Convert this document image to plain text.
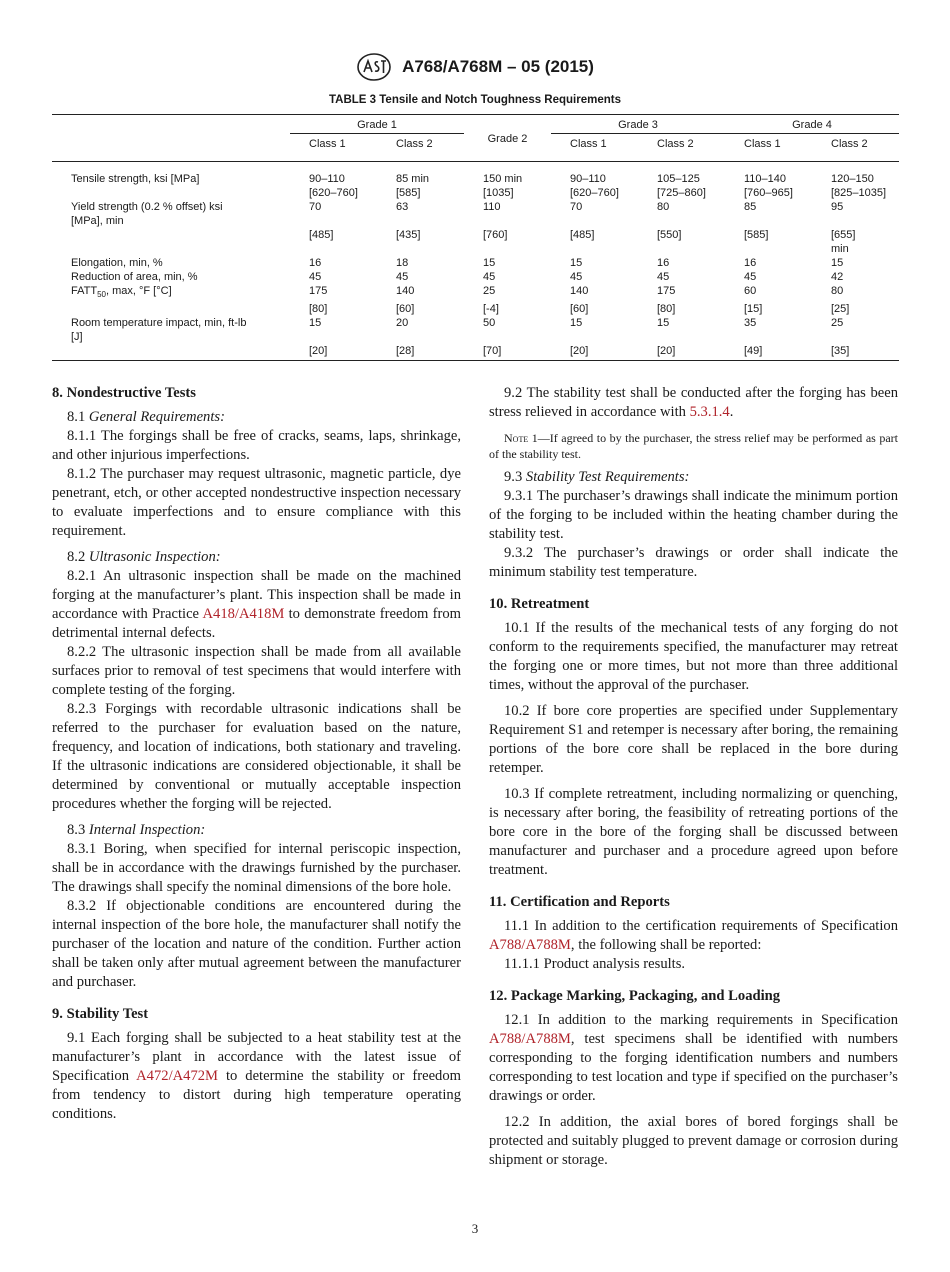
A768/A768M – 05 (2015)
TABLE 3 Tensile and Notch Toughness Requirements
	Grade 1		Grade 2	Grade 3		Grade 4	
	Class 1	Class 2		Class 1	Class 2	Class 1	Class 2
Tensile strength, ksi [MPa]	90–110	85 min	150 min	90–110	105–125	110–140	120–150
	[620–760]	[585]	[1035]	[620–760]	[725–860]	[760–965]	[825–1035]
Yield strength (0.2 % offset) ksi	70	63	110	70	80	85	95
[MPa], min							
	[485]	[435]	[760]	[485]	[550]	[585]	[655]
							min
Elongation, min, %	16	18	15	15	16	16	15
Reduction of area, min, %	45	45	45	45	45	45	42
$FATT_{50}$, max, °F [°C]	175	140	25	140	175	60	80
	[80]	[60]	[-4]	[60]	[80]	[15]	[25]
Room temperature impact, min, ft-lb	15	20	50	15	15	35	25
[J]							
	[20]	[28]	[70]	[20]	[20]	[49]	[35]
8. Nondestructive Tests

8.1 General Requirements:

8.1.1 The forgings shall be free of cracks, seams, laps, shrinkage, and other injurious imperfections.

8.1.2 The purchaser may request ultrasonic, magnetic particle, dye penetrant, etch, or other accepted nondestructive inspection necessary to evaluate imperfections and to ensure compliance with this requirement.

8.2 Ultrasonic Inspection:

8.2.1 An ultrasonic inspection shall be made on the machined forging at the manufacturer’s plant. This inspection shall be made in accordance with Practice A418/A418M to demonstrate freedom from detrimental internal defects.

8.2.2 The ultrasonic inspection shall be made from all available surfaces prior to removal of test specimens that would interfere with complete testing of the forging.

8.2.3 Forgings with recordable ultrasonic indications shall be referred to the purchaser for evaluation based on the nature, frequency, and location of indications, both stationary and traveling. If the ultrasonic indications are considered objectionable, it shall be determined by conventional or mutually acceptable inspection procedures whether the forging will be rejected.

8.3 Internal Inspection:

8.3.1 Boring, when specified for internal periscopic inspection, shall be in accordance with the drawings furnished by the purchaser. The drawings shall specify the nominal dimensions of the bore hole.

8.3.2 If objectionable conditions are encountered during the internal inspection of the bore hole, the manufacturer shall notify the purchaser of the location and nature of the condition. Further action shall be taken only after mutual agreement between the manufacturer and purchaser.

9. Stability Test

9.1 Each forging shall be subjected to a heat stability test at the manufacturer’s plant in accordance with the latest issue of Specification A472/A472M to determine the stability or freedom from tendency to distort during high temperature operating conditions.

9.2 The stability test shall be conducted after the forging has been stress relieved in accordance with 5.3.1.4.

Note 1—If agreed to by the purchaser, the stress relief may be performed as part of the stability test.

9.3 Stability Test Requirements:

9.3.1 The purchaser’s drawings shall indicate the minimum portion of the forging to be included within the heating chamber during the stability test.

9.3.2 The purchaser’s drawings or order shall indicate the minimum stability test temperature.

10. Retreatment

10.1 If the results of the mechanical tests of any forging do not conform to the requirements specified, the manufacturer may retreat the forging one or more times, but not more than three additional times, without the approval of the purchaser.

10.2 If bore core properties are specified under Supplementary Requirement S1 and retemper is necessary after boring, the remaining portions of the bore core shall be replaced in the bore during retemper.

10.3 If complete retreatment, including normalizing or quenching, is necessary after boring, the feasibility of retreating portions of the bore core in the bore of the forging shall be discussed between manufacturer and purchaser and a procedure agreed upon before treatment.

11. Certification and Reports

11.1 In addition to the certification requirements of Specification A788/A788M, the following shall be reported:

11.1.1 Product analysis results.

12. Package Marking, Packaging, and Loading

12.1 In addition to the marking requirements in Specification A788/A788M, test specimens shall be identified with numbers corresponding to the forging identification numbers and numbers corresponding to test location and type if specified on the purchaser’s drawings or order.

12.2 In addition, the axial bores of bored forgings shall be protected and suitably plugged to prevent damage or corrosion during shipment or storage.

3
